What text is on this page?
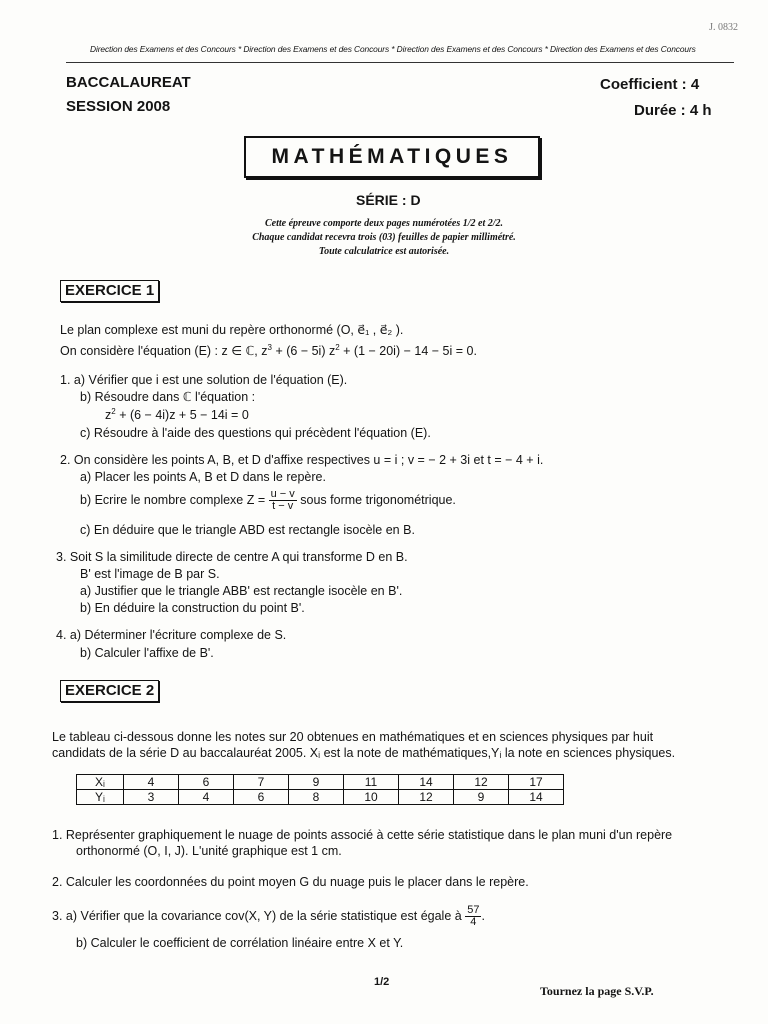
J. 0832
Direction des Examens et des Concours * Direction des Examens et des Concours * Direction des Examens et des Concours * Direction des Examens et des Concours
BACCALAUREAT
SESSION 2008
Coefficient : 4
Durée : 4 h
MATHÉMATIQUES
SÉRIE : D
Cette épreuve comporte deux pages numérotées 1/2 et 2/2.
Chaque candidat recevra trois (03) feuilles de papier millimétré.
Toute calculatrice est autorisée.
EXERCICE 1
Le plan complexe est muni du repère orthonormé (O, e⃗₁ , e⃗₂ ).
On considère l'équation (E) : z ∈ ℂ, $z^3 + (6 - 5i) z^2 + (1 - 20i) - 14 - 5i = 0$.
1. a) Vérifier que i est une solution de l'équation (E).
b) Résoudre dans ℂ l'équation :
$z^2 + (6 - 4i)z + 5 - 14i = 0$
c) Résoudre à l'aide des questions qui précèdent l'équation (E).
2. On considère les points A, B, et D d'affixe respectives u = i ; v = − 2 + 3i et t = − 4 + i.
a) Placer les points A, B et D dans le repère.
b) Ecrire le nombre complexe $Z = \frac{u - v}{t - v}$ sous forme trigonométrique.
c) En déduire que le triangle ABD est rectangle isocèle en B.
3. Soit S la similitude directe de centre A qui transforme D en B.
B' est l'image de B par S.
a) Justifier que le triangle ABB' est rectangle isocèle en B'.
b) En déduire la construction du point B'.
4. a) Déterminer l'écriture complexe de S.
b) Calculer l'affixe de B'.
EXERCICE 2
Le tableau ci-dessous donne les notes sur 20 obtenues en mathématiques et en sciences physiques par huit
candidats de la série D au baccalauréat 2005. Xᵢ est la note de mathématiques,Yᵢ la note en sciences physiques.
Xᵢ	4	6	7	9	11	14	12	17
Yᵢ	3	4	6	8	10	12	9	14
1. Représenter graphiquement le nuage de points associé à cette série statistique dans le plan muni d'un repère
orthonormé (O, I, J). L'unité graphique est 1 cm.
2. Calculer les coordonnées du point moyen G du nuage puis le placer dans le repère.
3. a) Vérifier que la covariance cov(X, Y) de la série statistique est égale à $\frac{57}{4}$ .
b) Calculer le coefficient de corrélation linéaire entre X et Y.
1/2
Tournez la page S.V.P.
